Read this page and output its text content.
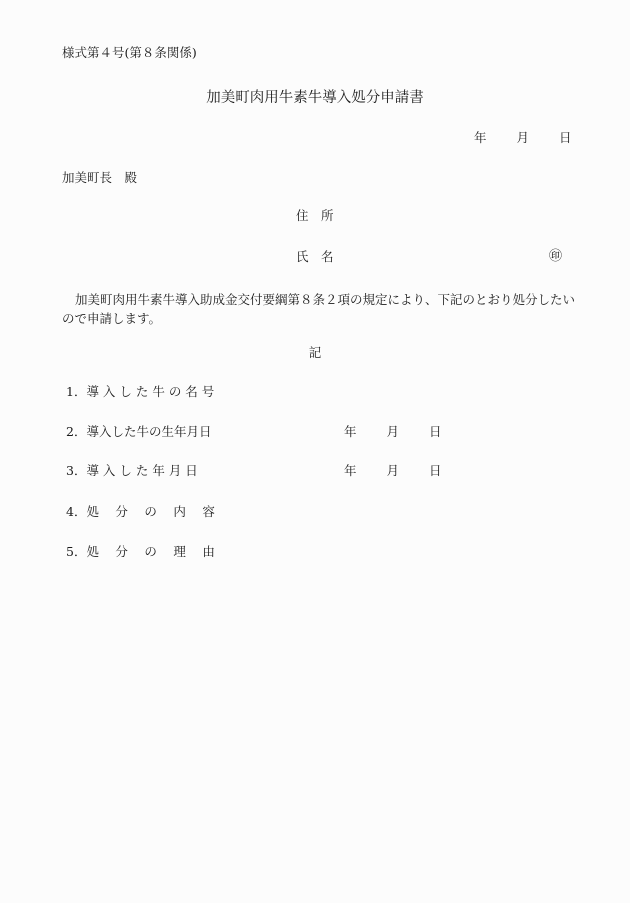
様式第４号(第８条関係)
加美町肉用牛素牛導入処分申請書
年 月 日
加美町長　殿
住　所
氏　名	㊞
加美町肉用牛素牛導入助成金交付要綱第８条２項の規定により、下記のとおり処分したいので申請します。
記
1．導 入 し た 牛 の 名 号
2．導入した牛の生年月日	年 月 日
3．導 入 し た 年 月 日	年 月 日
4．処　 分　 の　 内　 容
5．処　 分　 の　 理　 由
